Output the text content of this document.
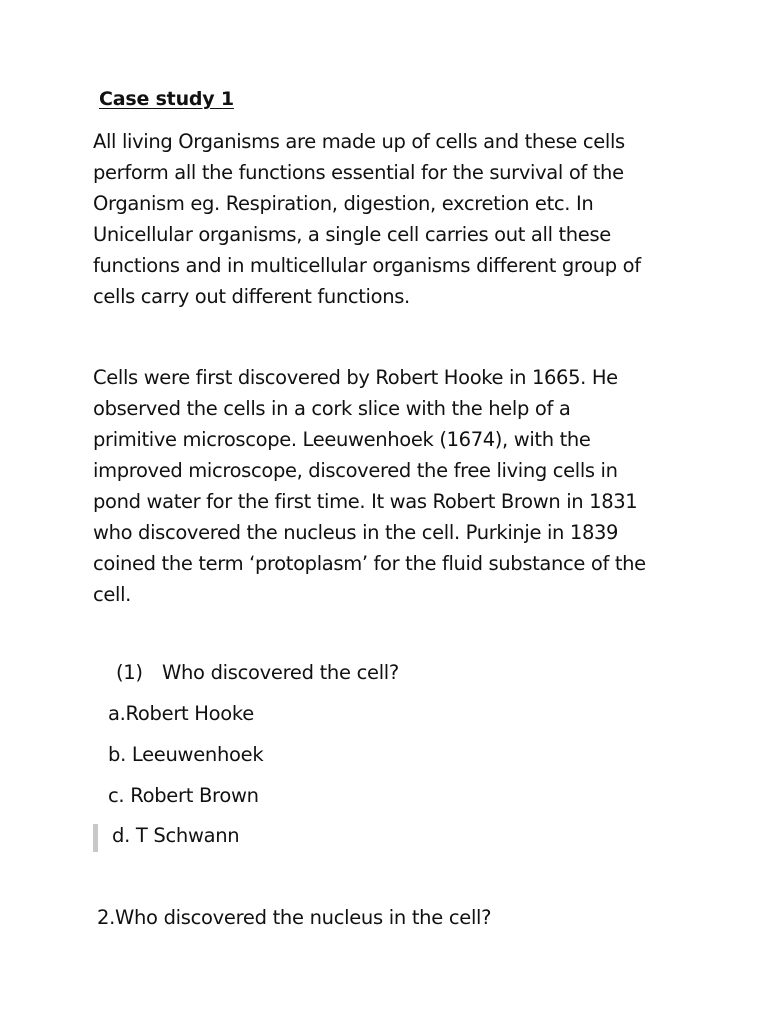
Case study 1

All living Organisms are made up of cells and these cells
perform all the functions essential for the survival of the
Organism eg. Respiration, digestion, excretion etc. In
Unicellular organisms, a single cell carries out all these
functions and in multicellular organisms different group of
cells carry out different functions.

Cells were first discovered by Robert Hooke in 1665. He
observed the cells in a cork slice with the help of a
primitive microscope. Leeuwenhoek (1674), with the
improved microscope, discovered the free living cells in
pond water for the first time. It was Robert Brown in 1831
who discovered the nucleus in the cell. Purkinje in 1839
coined the term ‘protoplasm’ for the fluid substance of the
cell.

(1) Who discovered the cell?
a.Robert Hooke
b. Leeuwenhoek
c. Robert Brown
d. T Schwann
2.Who discovered the nucleus in the cell?
